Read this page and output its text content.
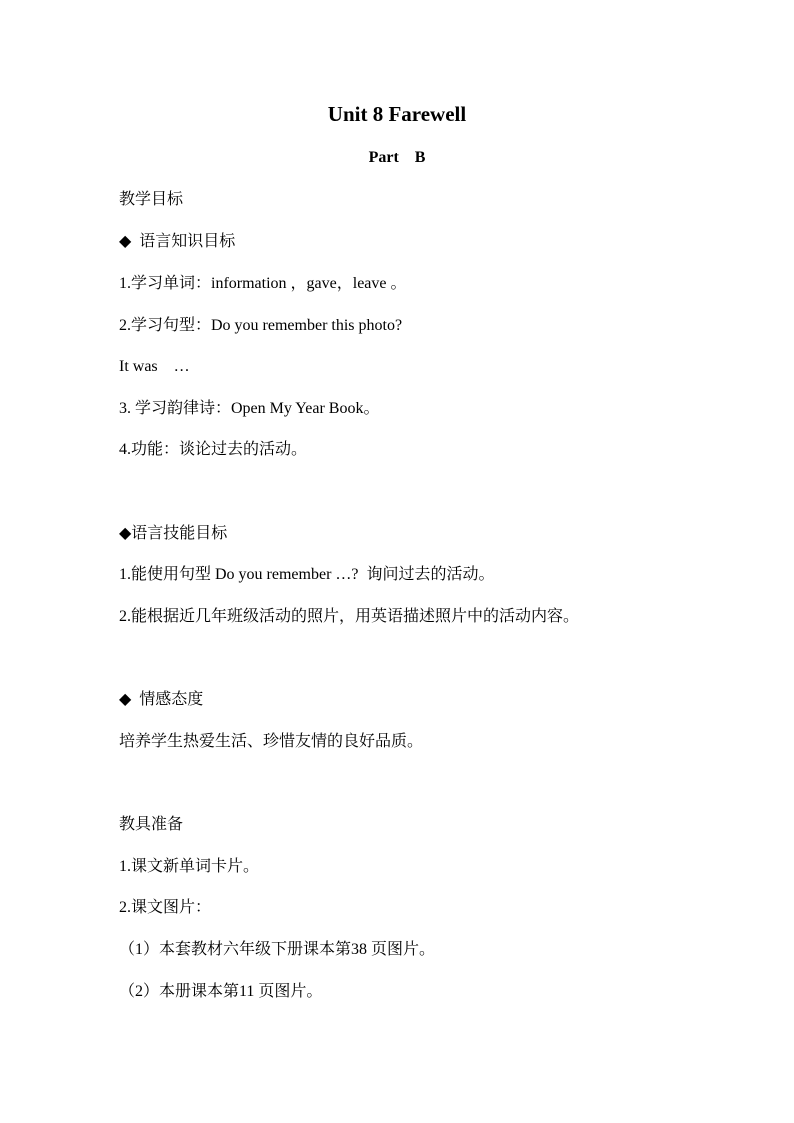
Unit 8 Farewell
Part    B
教学目标
◆  语言知识目标
1.学习单词：information ，gave，leave 。
2.学习句型：Do you remember this photo?
It was    …
3. 学习韵律诗：Open My Year Book。
4.功能：谈论过去的活动。
◆语言技能目标
1.能使用句型 Do you remember …?  询问过去的活动。
2.能根据近几年班级活动的照片，用英语描述照片中的活动内容。
◆  情感态度
培养学生热爱生活、珍惜友情的良好品质。
教具准备
1.课文新单词卡片。
2.课文图片：
（1）本套教材六年级下册课本第38 页图片。
（2）本册课本第11 页图片。
